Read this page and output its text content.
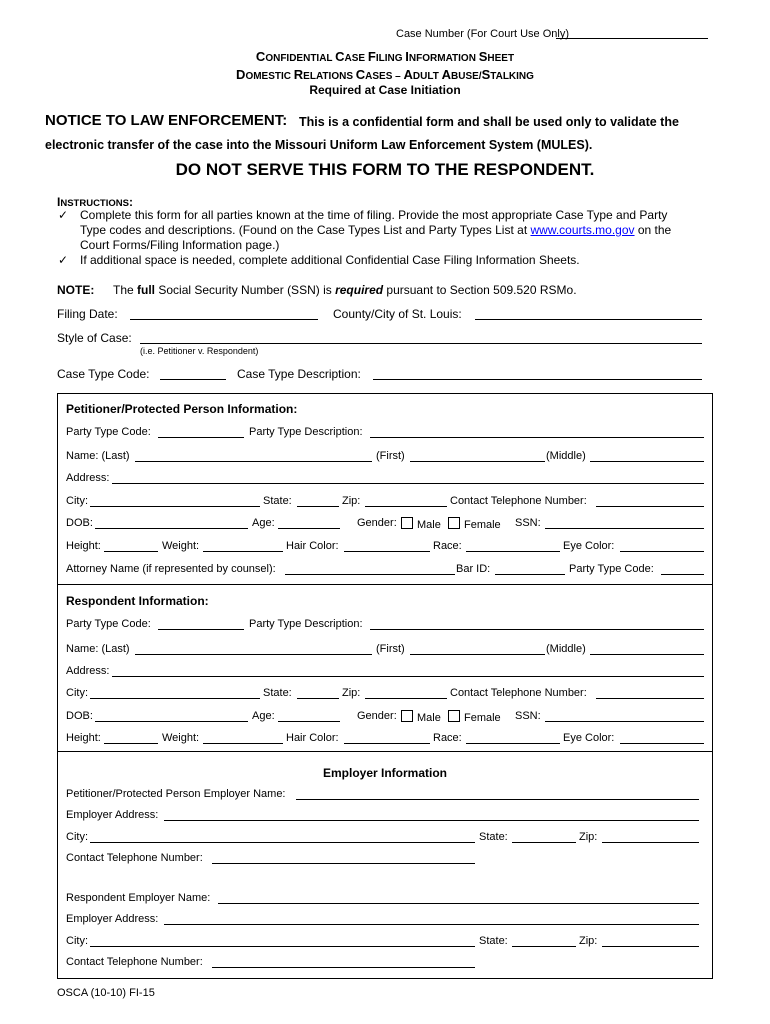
Case Number (For Court Use Only)
CONFIDENTIAL CASE FILING INFORMATION SHEET
DOMESTIC RELATIONS CASES – ADULT ABUSE/STALKING
Required at Case Initiation
NOTICE TO LAW ENFORCEMENT: This is a confidential form and shall be used only to validate the
electronic transfer of the case into the Missouri Uniform Law Enforcement System (MULES).
DO NOT SERVE THIS FORM TO THE RESPONDENT.
INSTRUCTIONS:
✓ Complete this form for all parties known at the time of filing. Provide the most appropriate Case Type and Party
Type codes and descriptions. (Found on the Case Types List and Party Types List at www.courts.mo.gov on the
Court Forms/Filing Information page.)
✓ If additional space is needed, complete additional Confidential Case Filing Information Sheets.
NOTE: The full Social Security Number (SSN) is required pursuant to Section 509.520 RSMo.
Filing Date:	County/City of St. Louis:
Style of Case:
(i.e. Petitioner v. Respondent)
Case Type Code:	Case Type Description:
Petitioner/Protected Person Information:
Party Type Code:	Party Type Description:
Name: (Last)	(First)	(Middle)
Address:
City:	State:	Zip:	Contact Telephone Number:
DOB:	Age:	Gender:	Male	Female SSN:
Height:	Weight:	Hair Color:	Race:	Eye Color:
Attorney Name (if represented by counsel):	Bar ID:	Party Type Code:
Respondent Information:
Party Type Code:	Party Type Description:
Name: (Last)	(First)	(Middle)
Address:
City:	State:	Zip:	Contact Telephone Number:
DOB:	Age:	Gender:	Male	Female SSN:
Height:	Weight:	Hair Color:	Race:	Eye Color:
Employer Information
Petitioner/Protected Person Employer Name:
Employer Address:
City:	State:	Zip:
Contact Telephone Number:
Respondent Employer Name:
Employer Address:
City:	State:	Zip:
Contact Telephone Number:
OSCA (10-10) FI-15
